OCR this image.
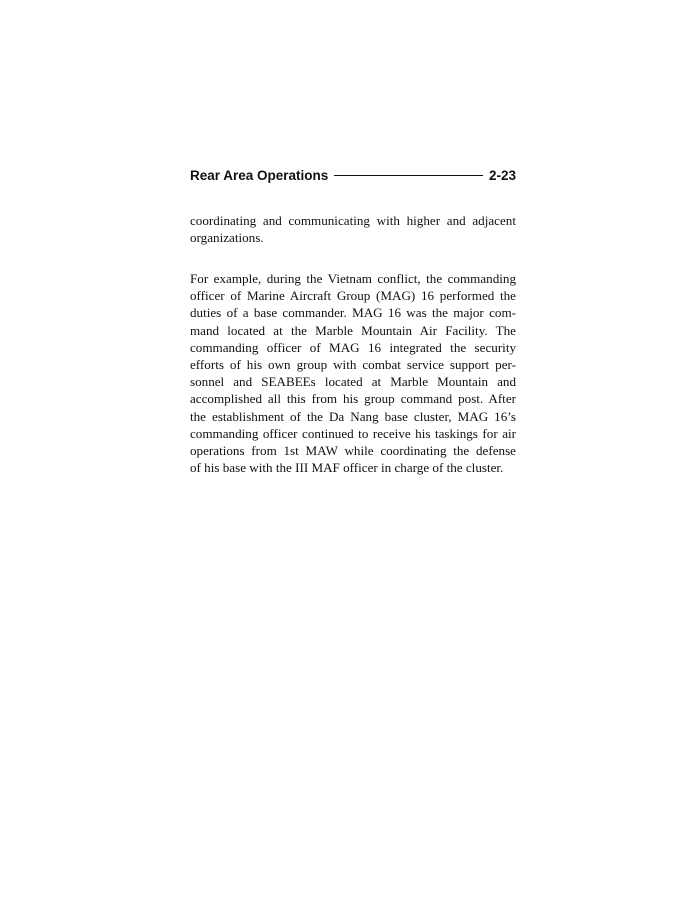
Rear Area Operations	2-23
coordinating and communicating with higher and adjacent
organizations.
For example, during the Vietnam conflict, the commanding
officer of Marine Aircraft Group (MAG) 16 performed the
duties of a base commander. MAG 16 was the major com-
mand located at the Marble Mountain Air Facility. The
commanding officer of MAG 16 integrated the security
efforts of his own group with combat service support per-
sonnel and SEABEEs located at Marble Mountain and
accomplished all this from his group command post. After
the establishment of the Da Nang base cluster, MAG 16’s
commanding officer continued to receive his taskings for air
operations from 1st MAW while coordinating the defense
of his base with the III MAF officer in charge of the cluster.
